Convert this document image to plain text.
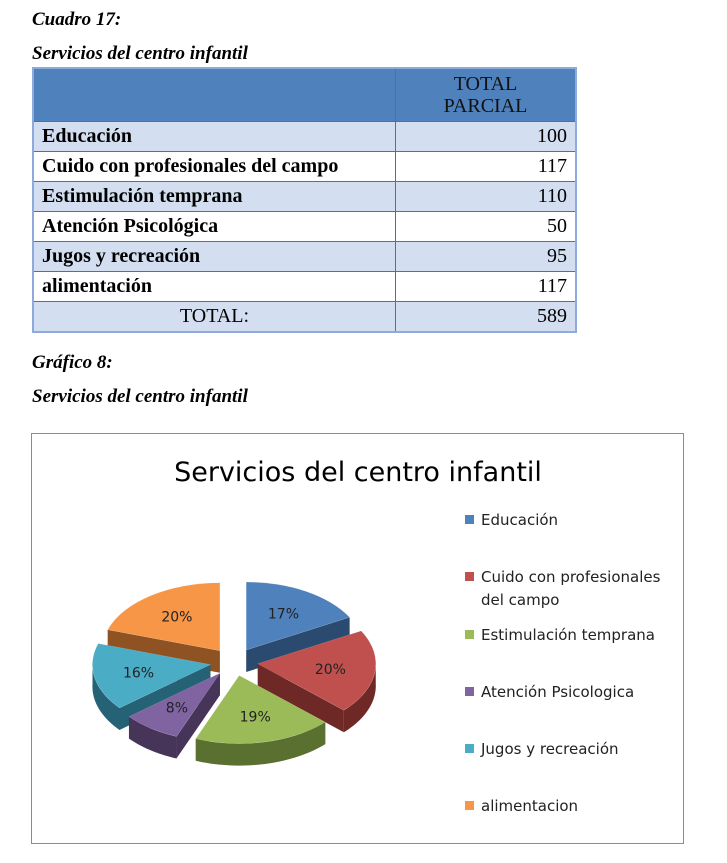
Cuadro 17:

Servicios del centro infantil

	TOTAL
PARCIAL
Educación	100
Cuido con profesionales del campo	117
Estimulación temprana	110
Atención Psicológica	50
Jugos y recreación	95
alimentación	117
TOTAL:	589

Gráfico 8:

Servicios del centro infantil

Servicios del centro infantil
17%
20%
19%
8%
16%
20%
Educación
Cuido con profesionales
del campo
Estimulación temprana
Atención Psicologica
Jugos y recreación
alimentacion
